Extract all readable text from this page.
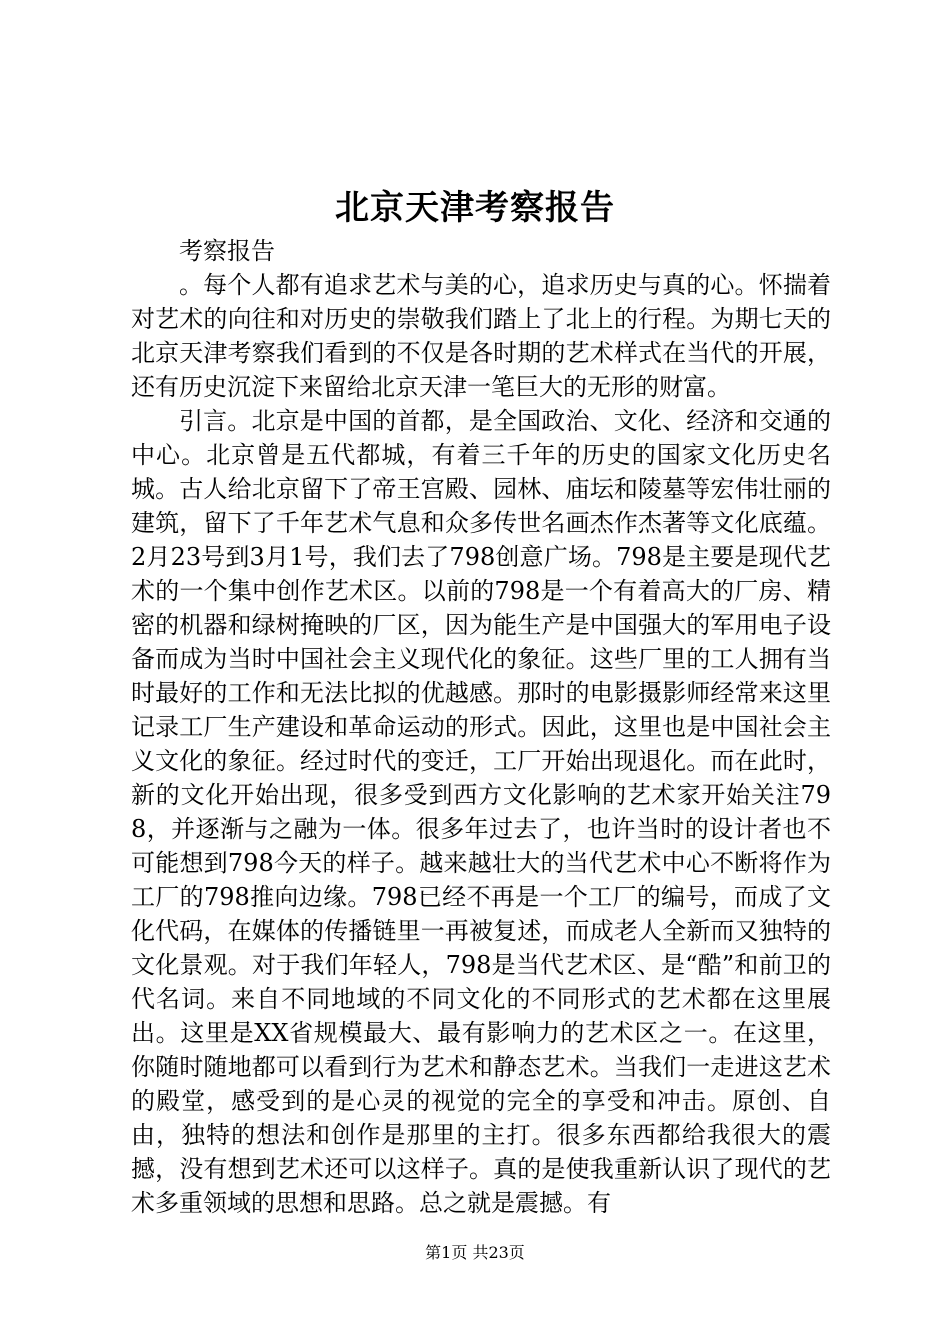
北京天津考察报告

考察报告

。每个人都有追求艺术与美的心，追求历史与真的心。怀揣着对艺术的向往和对历史的崇敬我们踏上了北上的行程。为期七天的北京天津考察我们看到的不仅是各时期的艺术样式在当代的开展，还有历史沉淀下来留给北京天津一笔巨大的无形的财富。

引言。北京是中国的首都，是全国政治、文化、经济和交通的中心。北京曾是五代都城，有着三千年的历史的国家文化历史名城。古人给北京留下了帝王宫殿、园林、庙坛和陵墓等宏伟壮丽的建筑，留下了千年艺术气息和众多传世名画杰作杰著等文化底蕴。2月23号到3月1号，我们去了798创意广场。798是主要是现代艺术的一个集中创作艺术区。以前的798是一个有着高大的厂房、精密的机器和绿树掩映的厂区，因为能生产是中国强大的军用电子设备而成为当时中国社会主义现代化的象征。这些厂里的工人拥有当时最好的工作和无法比拟的优越感。那时的电影摄影师经常来这里记录工厂生产建设和革命运动的形式。因此，这里也是中国社会主义文化的象征。经过时代的变迁，工厂开始出现退化。而在此时，新的文化开始出现，很多受到西方文化影响的艺术家开始关注798，并逐渐与之融为一体。很多年过去了，也许当时的设计者也不可能想到798今天的样子。越来越壮大的当代艺术中心不断将作为工厂的798推向边缘。798已经不再是一个工厂的编号，而成了文化代码，在媒体的传播链里一再被复述，而成老人全新而又独特的文化景观。对于我们年轻人，798是当代艺术区、是“酷”和前卫的代名词。来自不同地域的不同文化的不同形式的艺术都在这里展出。这里是XX省规模最大、最有影响力的艺术区之一。在这里，你随时随地都可以看到行为艺术和静态艺术。当我们一走进这艺术的殿堂，感受到的是心灵的视觉的完全的享受和冲击。原创、自由，独特的想法和创作是那里的主打。很多东西都给我很大的震撼，没有想到艺术还可以这样子。真的是使我重新认识了现代的艺术多重领域的思想和思路。总之就是震撼。有

第1页 共23页
